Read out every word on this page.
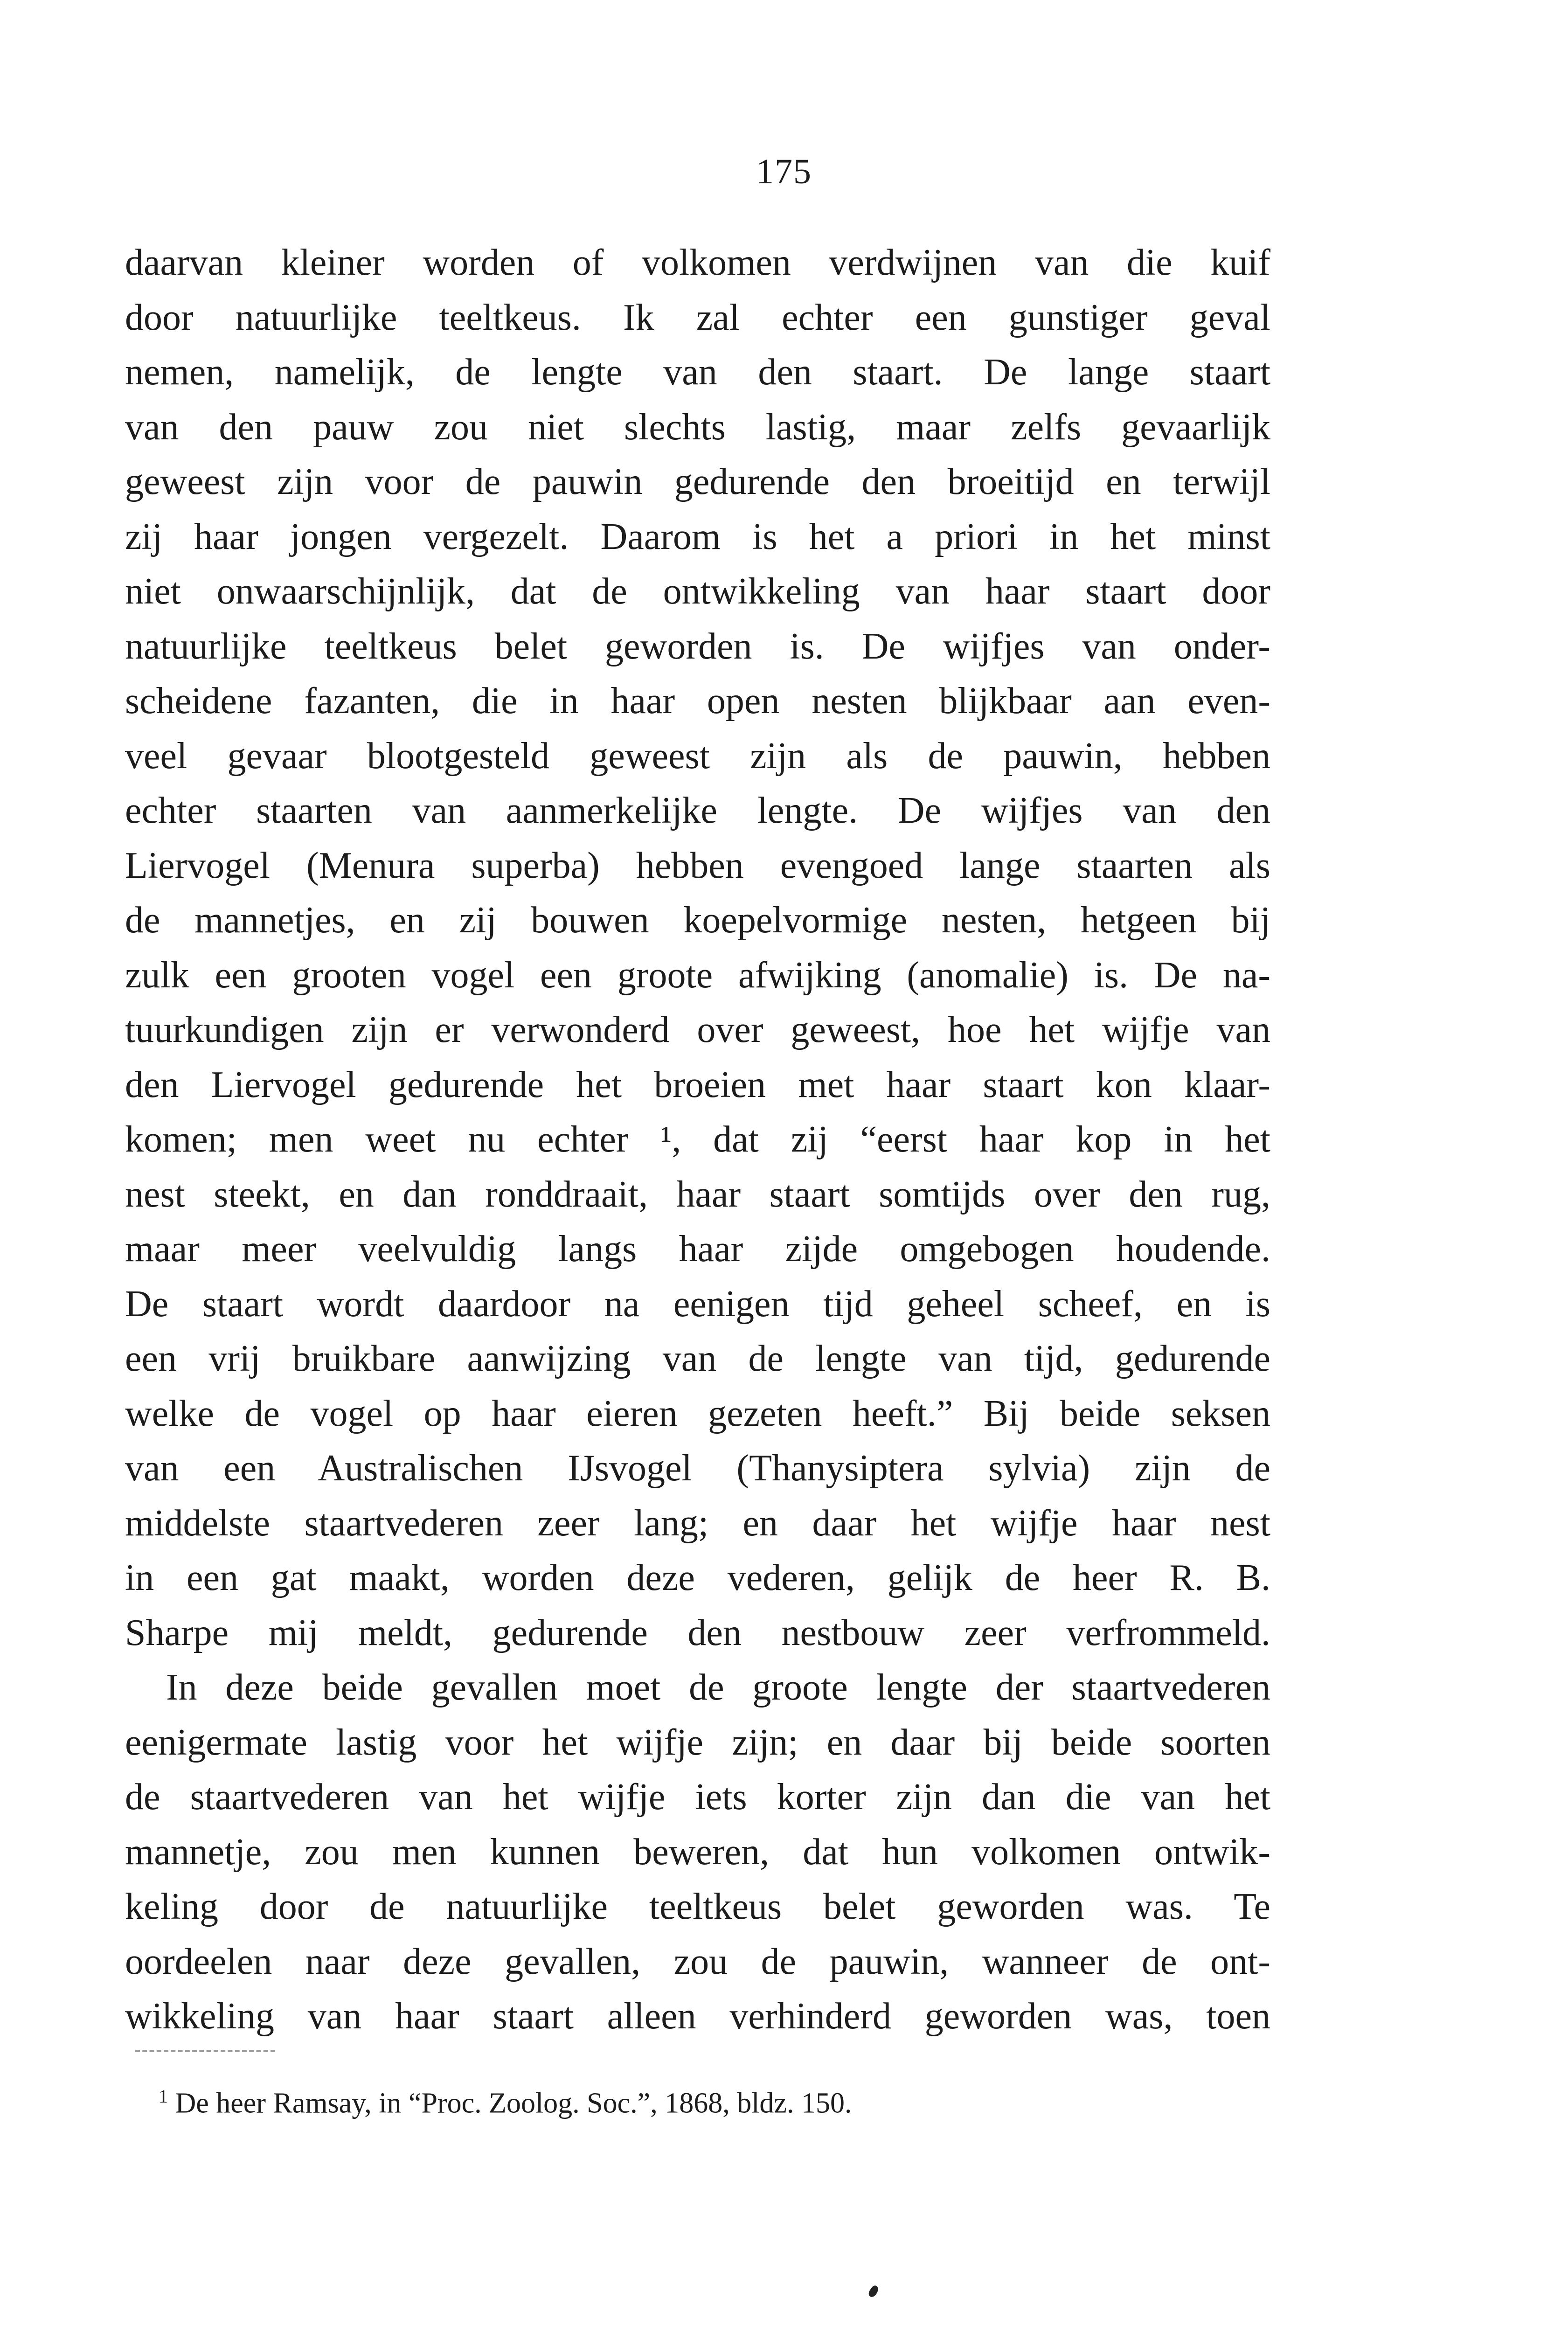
175
daarvan kleiner worden of volkomen verdwijnen van die kuif
door natuurlijke teeltkeus. Ik zal echter een gunstiger geval
nemen, namelijk, de lengte van den staart. De lange staart
van den pauw zou niet slechts lastig, maar zelfs gevaarlijk
geweest zijn voor de pauwin gedurende den broeitijd en terwijl
zij haar jongen vergezelt. Daarom is het a priori in het minst
niet onwaarschijnlijk, dat de ontwikkeling van haar staart door
natuurlijke teeltkeus belet geworden is. De wijfjes van onder-
scheidene fazanten, die in haar open nesten blijkbaar aan even-
veel gevaar blootgesteld geweest zijn als de pauwin, hebben
echter staarten van aanmerkelijke lengte. De wijfjes van den
Liervogel (Menura superba) hebben evengoed lange staarten als
de mannetjes, en zij bouwen koepelvormige nesten, hetgeen bij
zulk een grooten vogel een groote afwijking (anomalie) is. De na-
tuurkundigen zijn er verwonderd over geweest, hoe het wijfje van
den Liervogel gedurende het broeien met haar staart kon klaar-
komen; men weet nu echter ¹, dat zij “eerst haar kop in het
nest steekt, en dan ronddraait, haar staart somtijds over den rug,
maar meer veelvuldig langs haar zijde omgebogen houdende.
De staart wordt daardoor na eenigen tijd geheel scheef, en is
een vrij bruikbare aanwijzing van de lengte van tijd, gedurende
welke de vogel op haar eieren gezeten heeft.” Bij beide seksen
van een Australischen IJsvogel (Thanysiptera sylvia) zijn de
middelste staartvederen zeer lang; en daar het wijfje haar nest
in een gat maakt, worden deze vederen, gelijk de heer R. B.
Sharpe mij meldt, gedurende den nestbouw zeer verfrommeld.
In deze beide gevallen moet de groote lengte der staartvederen
eenigermate lastig voor het wijfje zijn; en daar bij beide soorten
de staartvederen van het wijfje iets korter zijn dan die van het
mannetje, zou men kunnen beweren, dat hun volkomen ontwik-
keling door de natuurlijke teeltkeus belet geworden was. Te
oordeelen naar deze gevallen, zou de pauwin, wanneer de ont-
wikkeling van haar staart alleen verhinderd geworden was, toen
$^1$ De heer Ramsay, in “Proc. Zoolog. Soc.”, 1868, bldz. 150.
